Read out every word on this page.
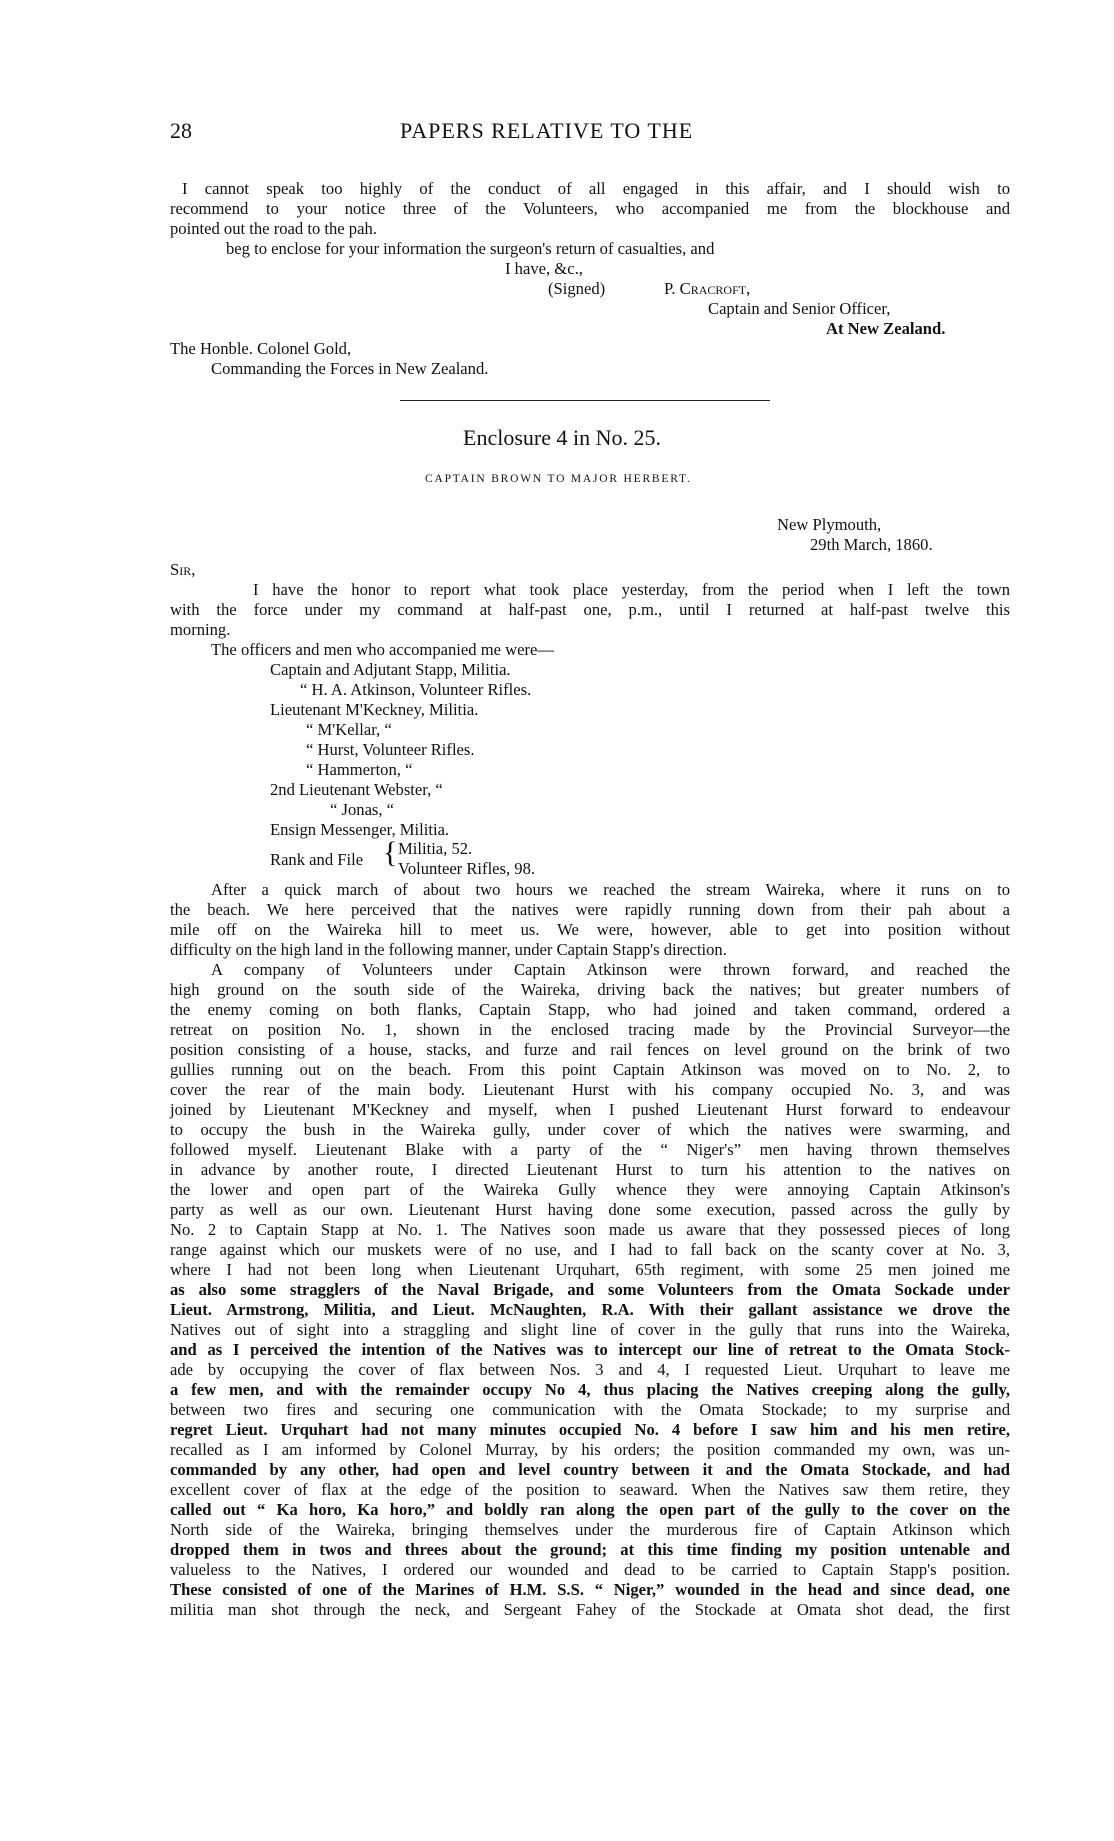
28	PAPERS RELATIVE TO THE
I cannot speak too highly of the conduct of all engaged in this affair, and I should wish to
recommend to your notice three of the Volunteers, who accompanied me from the blockhouse and
pointed out the road to the pah.
beg to enclose for your information the surgeon's return of casualties, and
I have, &c.,
(Signed)	P. Cracroft,
Captain and Senior Officer,
At New Zealand.
The Honble. Colonel Gold,
Commanding the Forces in New Zealand.
Enclosure 4 in No. 25.
CAPTAIN BROWN TO MAJOR HERBERT.
New Plymouth,
29th March, 1860.
Sir,
I have the honor to report what took place yesterday, from the period when I left the town
with the force under my command at half-past one, p.m., until I returned at half-past twelve this
morning.
The officers and men who accompanied me were—
Captain and Adjutant Stapp, Militia.
“ H. A. Atkinson, Volunteer Rifles.
Lieutenant M'Keckney, Militia.
“ M'Kellar, “
“ Hurst, Volunteer Rifles.
“ Hammerton, “
2nd Lieutenant Webster, “
“ Jonas, “
Ensign Messenger, Militia.
Rank and File { Militia, 52.
Volunteer Rifles, 98.
After a quick march of about two hours we reached the stream Waireka, where it runs on to
the beach. We here perceived that the natives were rapidly running down from their pah about a
mile off on the Waireka hill to meet us. We were, however, able to get into position without
difficulty on the high land in the following manner, under Captain Stapp's direction.
A company of Volunteers under Captain Atkinson were thrown forward, and reached the
high ground on the south side of the Waireka, driving back the natives; but greater numbers of
the enemy coming on both flanks, Captain Stapp, who had joined and taken command, ordered a
retreat on position No. 1, shown in the enclosed tracing made by the Provincial Surveyor—the
position consisting of a house, stacks, and furze and rail fences on level ground on the brink of two
gullies running out on the beach. From this point Captain Atkinson was moved on to No. 2, to
cover the rear of the main body. Lieutenant Hurst with his company occupied No. 3, and was
joined by Lieutenant M'Keckney and myself, when I pushed Lieutenant Hurst forward to endeavour
to occupy the bush in the Waireka gully, under cover of which the natives were swarming, and
followed myself. Lieutenant Blake with a party of the “ Niger's” men having thrown themselves
in advance by another route, I directed Lieutenant Hurst to turn his attention to the natives on
the lower and open part of the Waireka Gully whence they were annoying Captain Atkinson's
party as well as our own. Lieutenant Hurst having done some execution, passed across the gully by
No. 2 to Captain Stapp at No. 1. The Natives soon made us aware that they possessed pieces of long
range against which our muskets were of no use, and I had to fall back on the scanty cover at No. 3,
where I had not been long when Lieutenant Urquhart, 65th regiment, with some 25 men joined me
as also some stragglers of the Naval Brigade, and some Volunteers from the Omata Sockade under
Lieut. Armstrong, Militia, and Lieut. McNaughten, R.A. With their gallant assistance we drove the
Natives out of sight into a straggling and slight line of cover in the gully that runs into the Waireka,
and as I perceived the intention of the Natives was to intercept our line of retreat to the Omata Stock-
ade by occupying the cover of flax between Nos. 3 and 4, I requested Lieut. Urquhart to leave me
a few men, and with the remainder occupy No 4, thus placing the Natives creeping along the gully,
between two fires and securing one communication with the Omata Stockade; to my surprise and
regret Lieut. Urquhart had not many minutes occupied No. 4 before I saw him and his men retire,
recalled as I am informed by Colonel Murray, by his orders; the position commanded my own, was un-
commanded by any other, had open and level country between it and the Omata Stockade, and had
excellent cover of flax at the edge of the position to seaward. When the Natives saw them retire, they
called out “ Ka horo, Ka horo,” and boldly ran along the open part of the gully to the cover on the
North side of the Waireka, bringing themselves under the murderous fire of Captain Atkinson which
dropped them in twos and threes about the ground; at this time finding my position untenable and
valueless to the Natives, I ordered our wounded and dead to be carried to Captain Stapp's position.
These consisted of one of the Marines of H.M. S.S. “ Niger,” wounded in the head and since dead, one
militia man shot through the neck, and Sergeant Fahey of the Stockade at Omata shot dead, the first
